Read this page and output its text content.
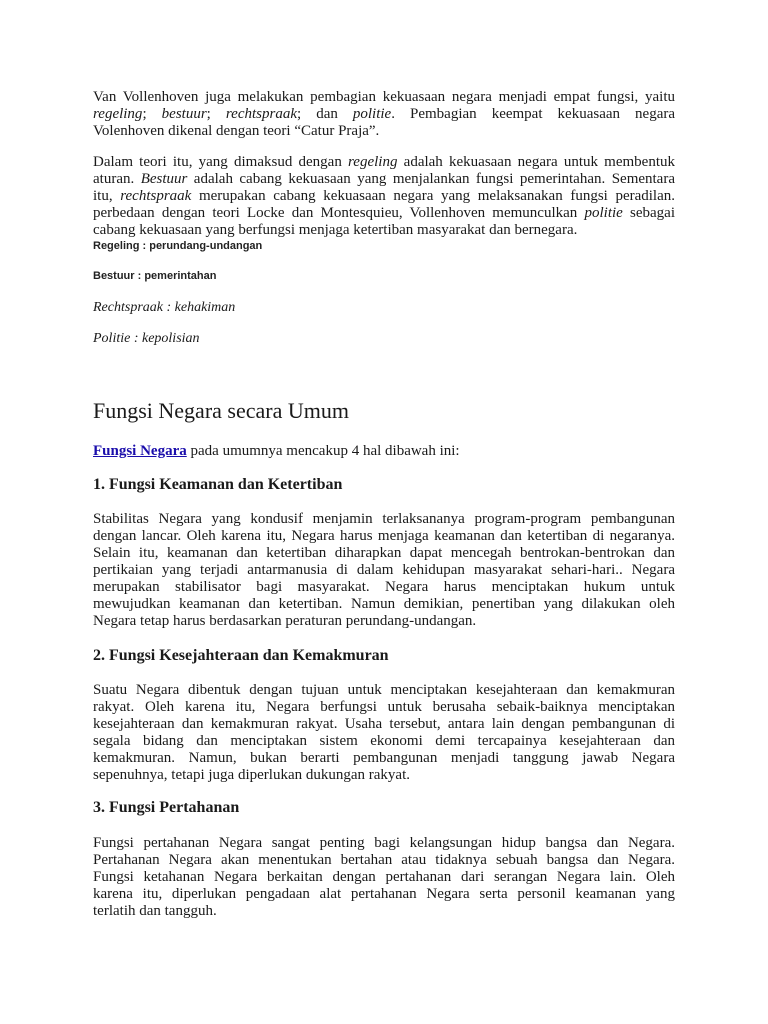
Van Vollenhoven juga melakukan pembagian kekuasaan negara menjadi empat fungsi, yaitu
regeling; bestuur; rechtspraak; dan politie. Pembagian keempat kekuasaan negara
Volenhoven dikenal dengan teori “Catur Praja”.
Dalam teori itu, yang dimaksud dengan regeling adalah kekuasaan negara untuk membentuk
aturan. Bestuur adalah cabang kekuasaan yang menjalankan fungsi pemerintahan. Sementara
itu, rechtspraak merupakan cabang kekuasaan negara yang melaksanakan fungsi peradilan.
perbedaan dengan teori Locke dan Montesquieu, Vollenhoven memunculkan politie sebagai
cabang kekuasaan yang berfungsi menjaga ketertiban masyarakat dan bernegara.
Regeling : perundang-undangan
Bestuur : pemerintahan
Rechtspraak : kehakiman
Politie : kepolisian
Fungsi Negara secara Umum
Fungsi Negara pada umumnya mencakup 4 hal dibawah ini:
1. Fungsi Keamanan dan Ketertiban
Stabilitas Negara yang kondusif menjamin terlaksananya program-program pembangunan
dengan lancar. Oleh karena itu, Negara harus menjaga keamanan dan ketertiban di negaranya.
Selain itu, keamanan dan ketertiban diharapkan dapat mencegah bentrokan-bentrokan dan
pertikaian yang terjadi antarmanusia di dalam kehidupan masyarakat sehari-hari.. Negara
merupakan stabilisator bagi masyarakat. Negara harus menciptakan hukum untuk
mewujudkan keamanan dan ketertiban. Namun demikian, penertiban yang dilakukan oleh
Negara tetap harus berdasarkan peraturan perundang-undangan.
2. Fungsi Kesejahteraan dan Kemakmuran
Suatu Negara dibentuk dengan tujuan untuk menciptakan kesejahteraan dan kemakmuran
rakyat. Oleh karena itu, Negara berfungsi untuk berusaha sebaik-baiknya menciptakan
kesejahteraan dan kemakmuran rakyat. Usaha tersebut, antara lain dengan pembangunan di
segala bidang dan menciptakan sistem ekonomi demi tercapainya kesejahteraan dan
kemakmuran. Namun, bukan berarti pembangunan menjadi tanggung jawab Negara
sepenuhnya, tetapi juga diperlukan dukungan rakyat.
3. Fungsi Pertahanan
Fungsi pertahanan Negara sangat penting bagi kelangsungan hidup bangsa dan Negara.
Pertahanan Negara akan menentukan bertahan atau tidaknya sebuah bangsa dan Negara.
Fungsi ketahanan Negara berkaitan dengan pertahanan dari serangan Negara lain. Oleh
karena itu, diperlukan pengadaan alat pertahanan Negara serta personil keamanan yang
terlatih dan tangguh.
